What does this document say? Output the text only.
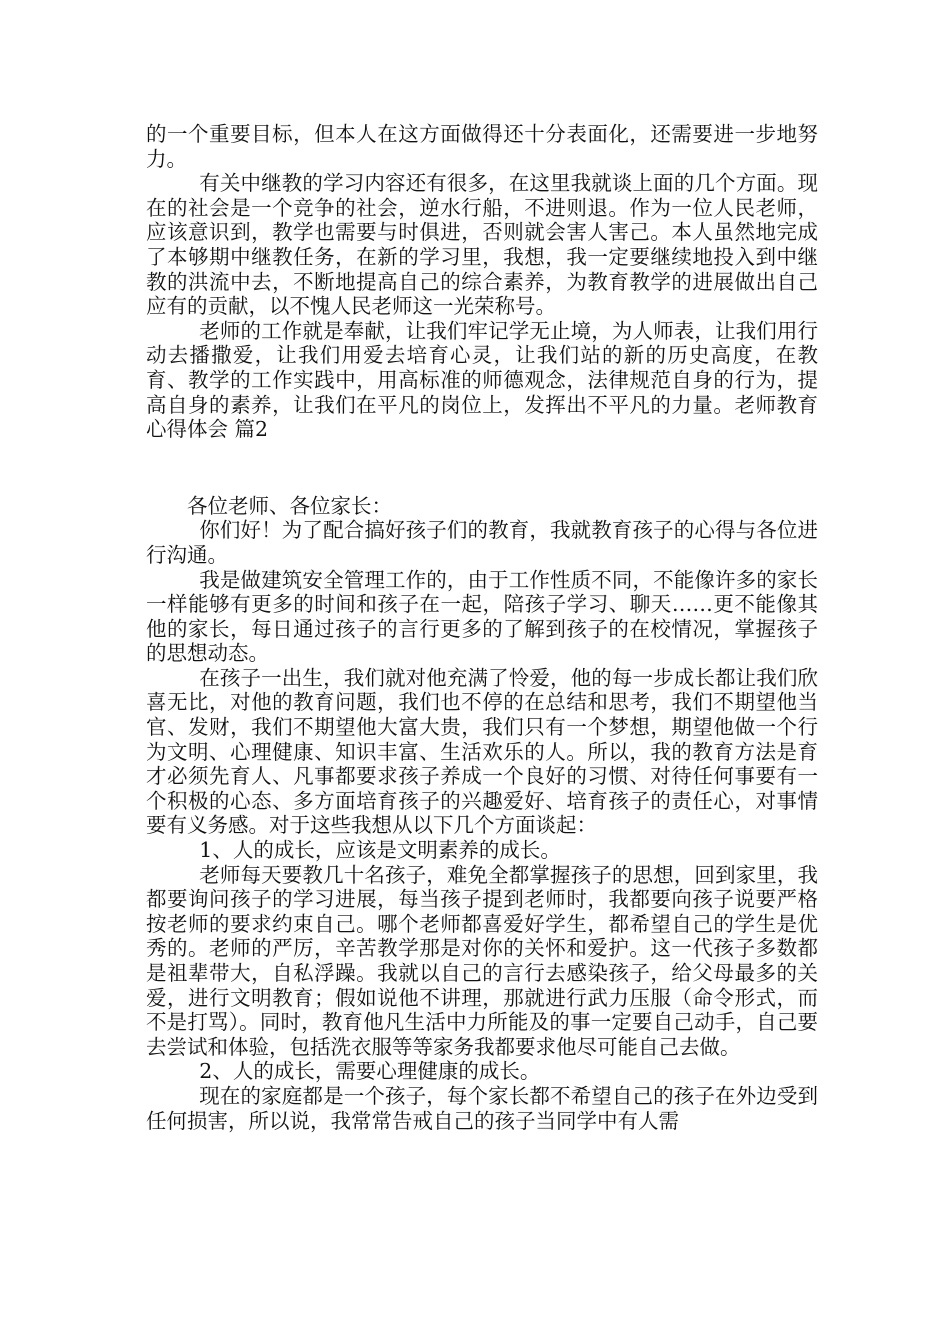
的一个重要目标，但本人在这方面做得还十分表面化，还需要进一步地努力。

有关中继教的学习内容还有很多，在这里我就谈上面的几个方面。现在的社会是一个竞争的社会，逆水行船，不进则退。作为一位人民老师，应该意识到，教学也需要与时俱进，否则就会害人害己。本人虽然地完成了本够期中继教任务，在新的学习里，我想，我一定要继续地投入到中继教的洪流中去，不断地提高自己的综合素养，为教育教学的进展做出自己应有的贡献，以不愧人民老师这一光荣称号。

老师的工作就是奉献，让我们牢记学无止境，为人师表，让我们用行动去播撒爱，让我们用爱去培育心灵，让我们站的新的历史高度，在教育、教学的工作实践中，用高标准的师德观念，法律规范自身的行为，提高自身的素养，让我们在平凡的岗位上，发挥出不平凡的力量。老师教育心得体会 篇2

各位老师、各位家长：

你们好！为了配合搞好孩子们的教育，我就教育孩子的心得与各位进行沟通。

我是做建筑安全管理工作的，由于工作性质不同，不能像许多的家长一样能够有更多的时间和孩子在一起，陪孩子学习、聊天……更不能像其他的家长，每日通过孩子的言行更多的了解到孩子的在校情况，掌握孩子的思想动态。

在孩子一出生，我们就对他充满了怜爱，他的每一步成长都让我们欣喜无比，对他的教育问题，我们也不停的在总结和思考，我们不期望他当官、发财，我们不期望他大富大贵，我们只有一个梦想，期望他做一个行为文明、心理健康、知识丰富、生活欢乐的人。所以，我的教育方法是育才必须先育人、凡事都要求孩子养成一个良好的习惯、对待任何事要有一个积极的心态、多方面培育孩子的兴趣爱好、培育孩子的责任心，对事情要有义务感。对于这些我想从以下几个方面谈起：

1、人的成长，应该是文明素养的成长。

老师每天要教几十名孩子，难免全都掌握孩子的思想，回到家里，我都要询问孩子的学习进展，每当孩子提到老师时，我都要向孩子说要严格按老师的要求约束自己。哪个老师都喜爱好学生，都希望自己的学生是优秀的。老师的严厉，辛苦教学那是对你的关怀和爱护。这一代孩子多数都是祖辈带大，自私浮躁。我就以自己的言行去感染孩子，给父母最多的关爱，进行文明教育；假如说他不讲理，那就进行武力压服（命令形式，而不是打骂）。同时，教育他凡生活中力所能及的事一定要自己动手，自己要去尝试和体验，包括洗衣服等等家务我都要求他尽可能自己去做。

2、人的成长，需要心理健康的成长。

现在的家庭都是一个孩子，每个家长都不希望自己的孩子在外边受到任何损害，所以说，我常常告戒自己的孩子当同学中有人需
